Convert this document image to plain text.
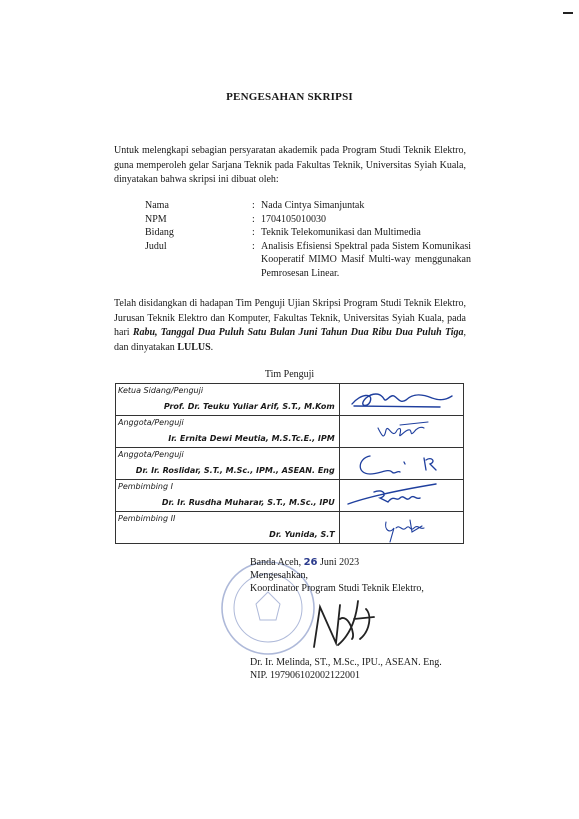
PENGESAHAN SKRIPSI
Untuk melengkapi sebagian persyaratan akademik pada Program Studi Teknik Elektro, guna memperoleh gelar Sarjana Teknik pada Fakultas Teknik, Universitas Syiah Kuala, dinyatakan bahwa skripsi ini dibuat oleh:
Nama	: Nada Cintya Simanjuntak
NPM	: 1704105010030
Bidang	: Teknik Telekomunikasi dan Multimedia
Judul	: Analisis Efisiensi Spektral pada Sistem Komunikasi Kooperatif MIMO Masif Multi-way menggunakan Pemrosesan Linear.
Telah disidangkan di hadapan Tim Penguji Ujian Skripsi Program Studi Teknik Elektro, Jurusan Teknik Elektro dan Komputer, Fakultas Teknik, Universitas Syiah Kuala, pada hari Rabu, Tanggal Dua Puluh Satu Bulan Juni Tahun Dua Ribu Dua Puluh Tiga, dan dinyatakan LULUS.
Tim Penguji
Ketua Sidang/Penguji
Prof. Dr. Teuku Yuliar Arif, S.T., M.Kom

Anggota/Penguji
Ir. Ernita Dewi Meutia, M.S.Tc.E., IPM

Anggota/Penguji
Dr. Ir. Roslidar, S.T., M.Sc., IPM., ASEAN. Eng

Pembimbing I
Dr. Ir. Rusdha Muharar, S.T., M.Sc., IPU

Pembimbing II
Dr. Yunida, S.T

Banda Aceh, 26 Juni 2023
Mengesahkan,
Koordinator Program Studi Teknik Elektro,
Dr. Ir. Melinda, ST., M.Sc., IPU., ASEAN. Eng.
NIP. 197906102002122001
